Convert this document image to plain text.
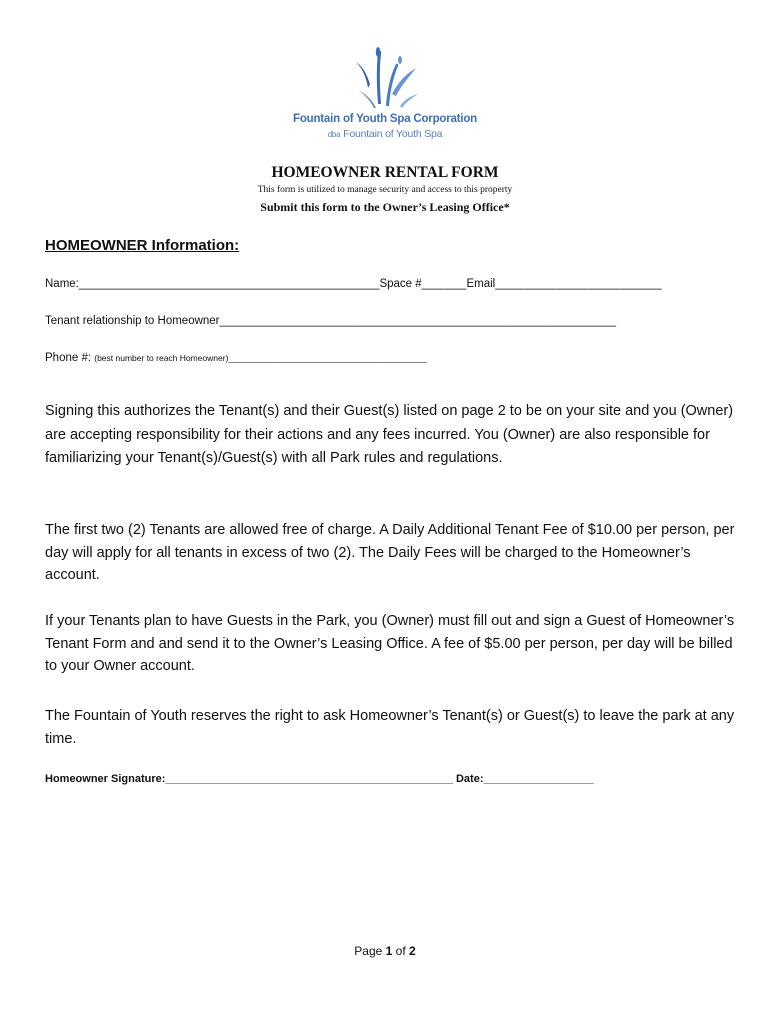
Fountain of Youth Spa Corporation
dba Fountain of Youth Spa
HOMEOWNER RENTAL FORM
This form is utilized to manage security and access to this property
Submit this form to the Owner’s Leasing Office*
HOMEOWNER Information:
Name:_______________________________________________Space #_______Email__________________________
Tenant relationship to Homeowner______________________________________________________________
Phone #: (best number to reach Homeowner)__________________________________________
Signing this authorizes the Tenant(s) and their Guest(s) listed on page 2 to be on your site and you (Owner) are accepting responsibility for their actions and any fees incurred. You (Owner) are also responsible for familiarizing your Tenant(s)/Guest(s) with all Park rules and regulations.
The first two (2) Tenants are allowed free of charge. A Daily Additional Tenant Fee of $10.00 per person, per day will apply for all tenants in excess of two (2). The Daily Fees will be charged to the Homeowner’s account.
If your Tenants plan to have Guests in the Park, you (Owner) must fill out and sign a Guest of Homeowner’s Tenant Form and and send it to the Owner’s Leasing Office. A fee of $5.00 per person, per day will be billed to your Owner account.
The Fountain of Youth reserves the right to ask Homeowner’s Tenant(s) or Guest(s) to leave the park at any time.
Homeowner Signature:_______________________________________________ Date:__________________
Page 1 of 2
